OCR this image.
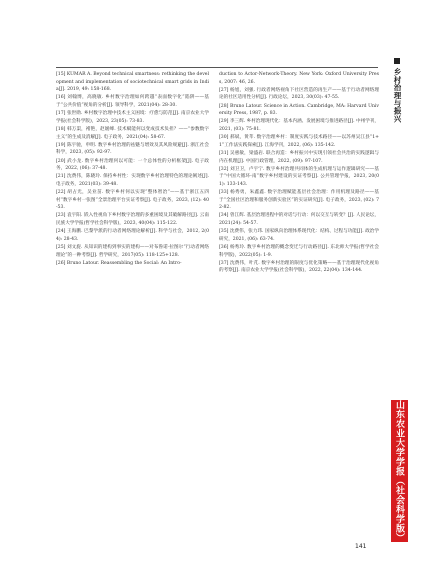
乡村治理与振兴

[15] KUMAR A. Beyond technical smartness: rethinking the development and implementation of sociotechnical smart grids in India[J]. 2019, 49: 158-168.

[16] 刘翰博，高晓敏. 乡村数字治理如何跨越“表面数字化”陷阱——基于“公共价值”视角的分析[J]. 领导科学，2021(04): 28-30.

[17] 张世勋. 乡村数字治理中技术主义困境：疗愈与防范[J]. 南京农业大学学报(社会科学版)，2023, 23(05): 73-83.

[18] 韩万渠，褚艳，赵媛峰. 技术赋能何以变成技术负担？——“参数数字主义”的生成及消解[J]. 电子政务，2021(04): 58-67.

[19] 陈宇驰，申明. 数字乡村治理的祛魅与增效及其风险规避[J]. 浙江社会科学，2023, (05): 92-97.

[20] 武小龙. 数字乡村治理何以可能：一个总体性的分析框架[J]. 电子政务，2022, (06): 37-48.

[21] 沈费伟，陈晓玲. 保持乡村性：实现数字乡村治理特色的理论阐述[J]. 电子政务，2021(03): 39-48.

[22] 胡占光，吴业苗. 数字乡村何以实现“整体智治”——基于浙江五四村“数字乡村一张图”全景治理平台实证考察[J]. 电子政务，2023, (12): 40-53.

[23] 袁宇阳. 嵌入性视角下乡村数字治理的多重困境及其破解路径[J]. 云南民族大学学报(哲学社会科学版)，2023, 40(04): 115-122.

[24] 王海鹏. 巴黎学派的行动者网络理论解析[J]. 科学与社会，2012, 2(04): 28-43.

[25] 刘文旋. 从知识的建构到事实的建构——对布鲁诺·拉图尔“行动者网络理论”的一种考察[J]. 哲学研究，2017(05): 118-125+128.

[26] Bruno Latour. Reassembling the Social: An Intro-

duction to Actor-Network-Theory. New York: Oxford University Press, 2007: 46, 26.

[27] 杨旭，刘强. 行政者网络视角下社区营造的再生产——基于行动者网络理论的社区适用性分析[J]. 行政论坛，2023, 30(03): 47-55.

[28] Bruno Latour. Science in Action. Cambridge, MA: Harvard University Press, 1987, p. 83.

[29] 李三辉. 乡村治理现代化：基本内涵、发展困境与推进路径[J]. 中州学刊，2021, (03): 75-81.

[30] 郝斌，黄莘. 数字治理乡村：制度实践与技术路径——以苏州吴江县“1+1”工作法实践探索[J]. 江海学刊，2022, (06): 135-142.

[31] 吴惠敏，梁盛岩. 联合再造：乡村振兴中实现引领社会共治的实践逻辑与内在机理[J]. 中国行政管理，2022, (09): 97-107.

[32] 刘卫卫，卢宇宁. 数字乡村治理共同体的生成机理与运作逻辑研究——基于“中国大循环-南”数字乡村建设的实证考察[J]. 公共管理学报，2023, 20(01): 133-143.

[33] 杨秀勇，朱鑫鑫. 数字治理赋能基层社会治理：作用机理及路径——基于“全国社区治理和服务创新实验区”的实证研究[J]. 电子政务，2023, (02): 72-82.

[34] 曾江辉. 基层治理进程中的对话与行动：何以交互与转变？[J]. 人民论坛，2021(24): 54-57.

[35] 沈费伟，张力玮. 国家纵向治理体系现代化：结构、过程与功能[J]. 政治学研究，2021, (06): 63-74.

[36] 杨秀玲. 数字乡村治理的概念变迁与行动路径[J]. 东北师大学报(哲学社会科学版)，2022(05): 1-9.

[37] 沈费伟，叶芃. 数字乡村治理的限度与优化策略——基于治理现代化视角的考察[J]. 南京农业大学学报(社会科学版)，2022, 22(04): 134-144.

山东农业大学学报（社会科学版）
141
